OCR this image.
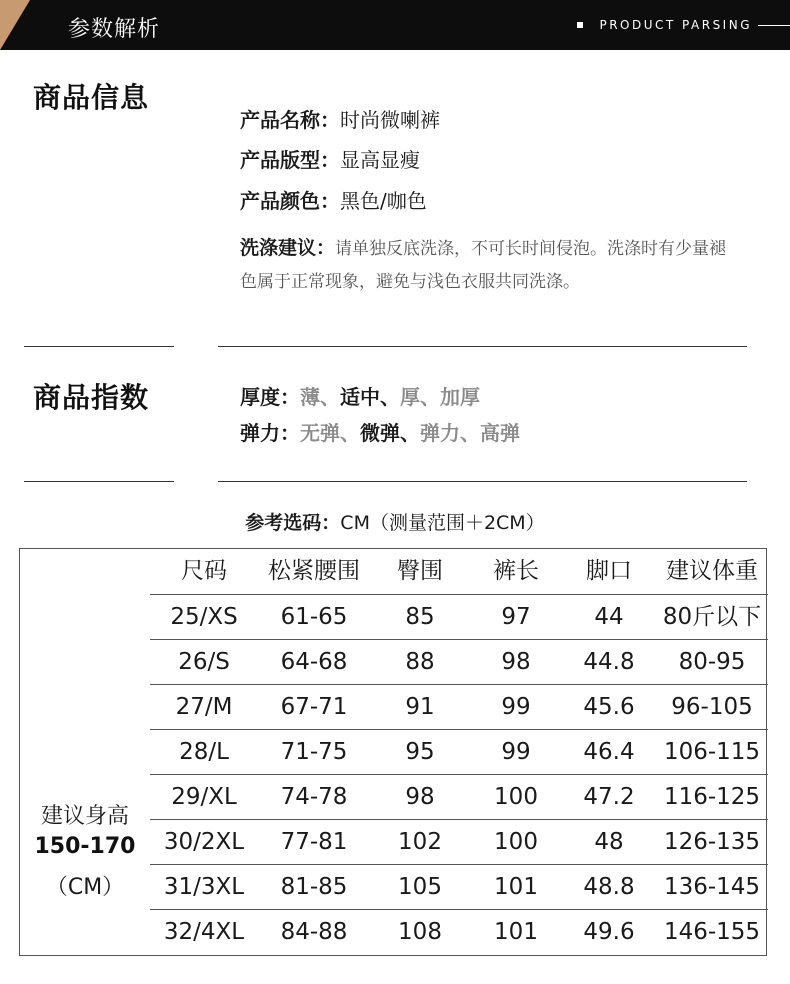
参数解析	PRODUCT PARSING
商品信息
产品名称：时尚微喇裤
产品版型：显高显瘦
产品颜色：黑色/咖色
洗涤建议：请单独反底洗涤，不可长时间侵泡。洗涤时有少量褪色属于正常现象，避免与浅色衣服共同洗涤。
商品指数	厚度：薄、适中、厚、加厚
弹力：无弹、微弹、弹力、高弹
参考选码：CM（测量范围＋2CM）
建议身高
150-170
（CM）
尺码	松紧腰围	臀围	裤长	脚口	建议体重
25/XS	61-65	85	97	44	80斤以下
26/S	64-68	88	98	44.8	80-95
27/M	67-71	91	99	45.6	96-105
28/L	71-75	95	99	46.4	106-115
29/XL	74-78	98	100	47.2	116-125
30/2XL	77-81	102	100	48	126-135
31/3XL	81-85	105	101	48.8	136-145
32/4XL	84-88	108	101	49.6	146-155
